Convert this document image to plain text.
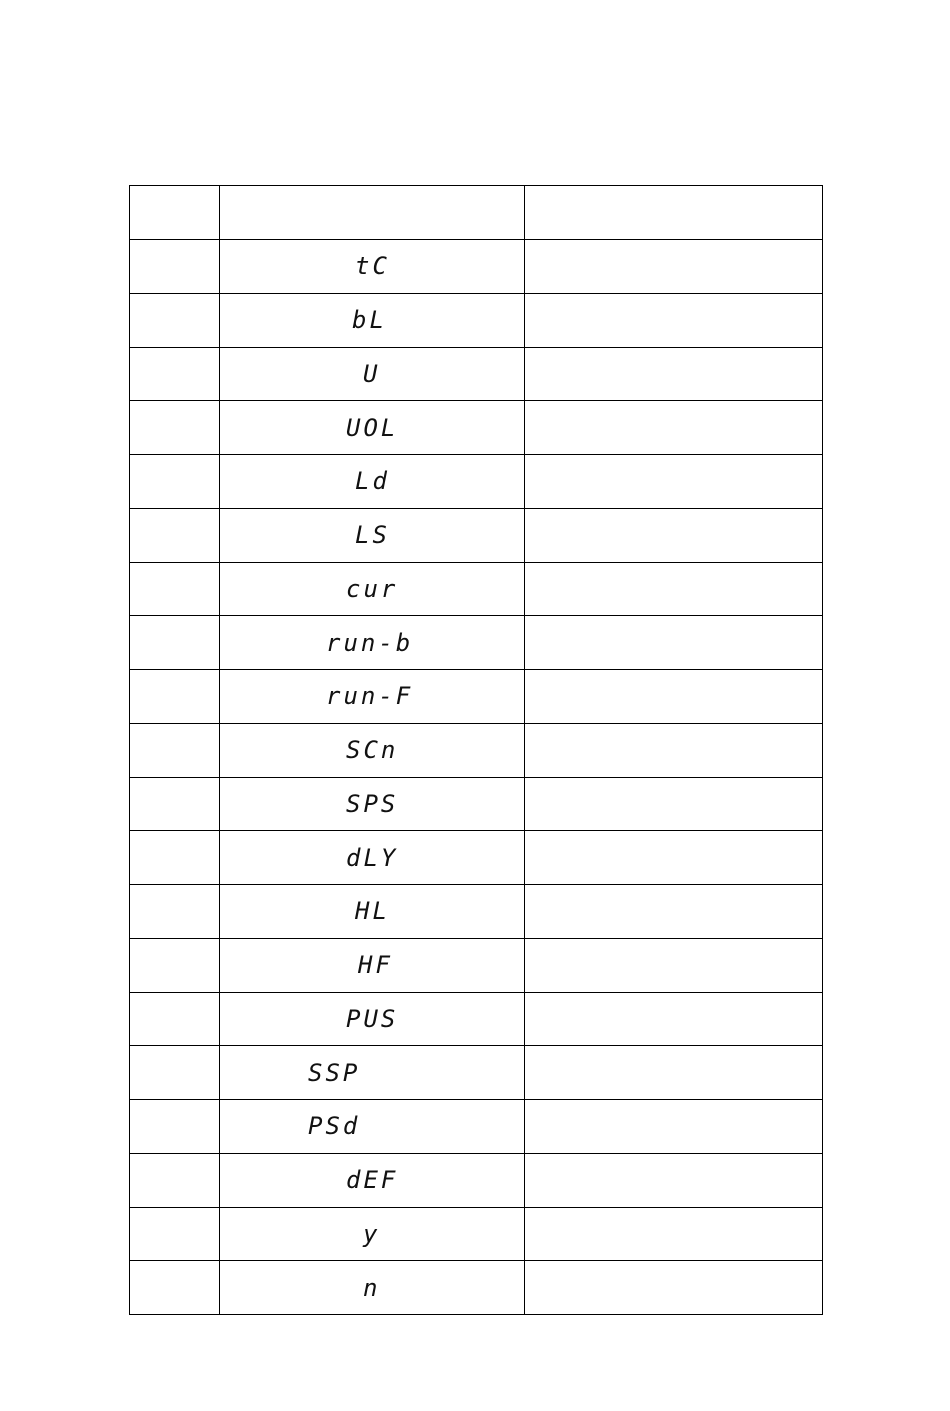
	tC	

	bL	

	U	

	UOL	

	Ld	

	LS	

	cur	

	run-b	

	run-F	

	SCn	

	SPS	

	dLY	

	HL	

	HF	

	PUS	

	SSP	

	PSd	

	dEF	

	y	

	n	
